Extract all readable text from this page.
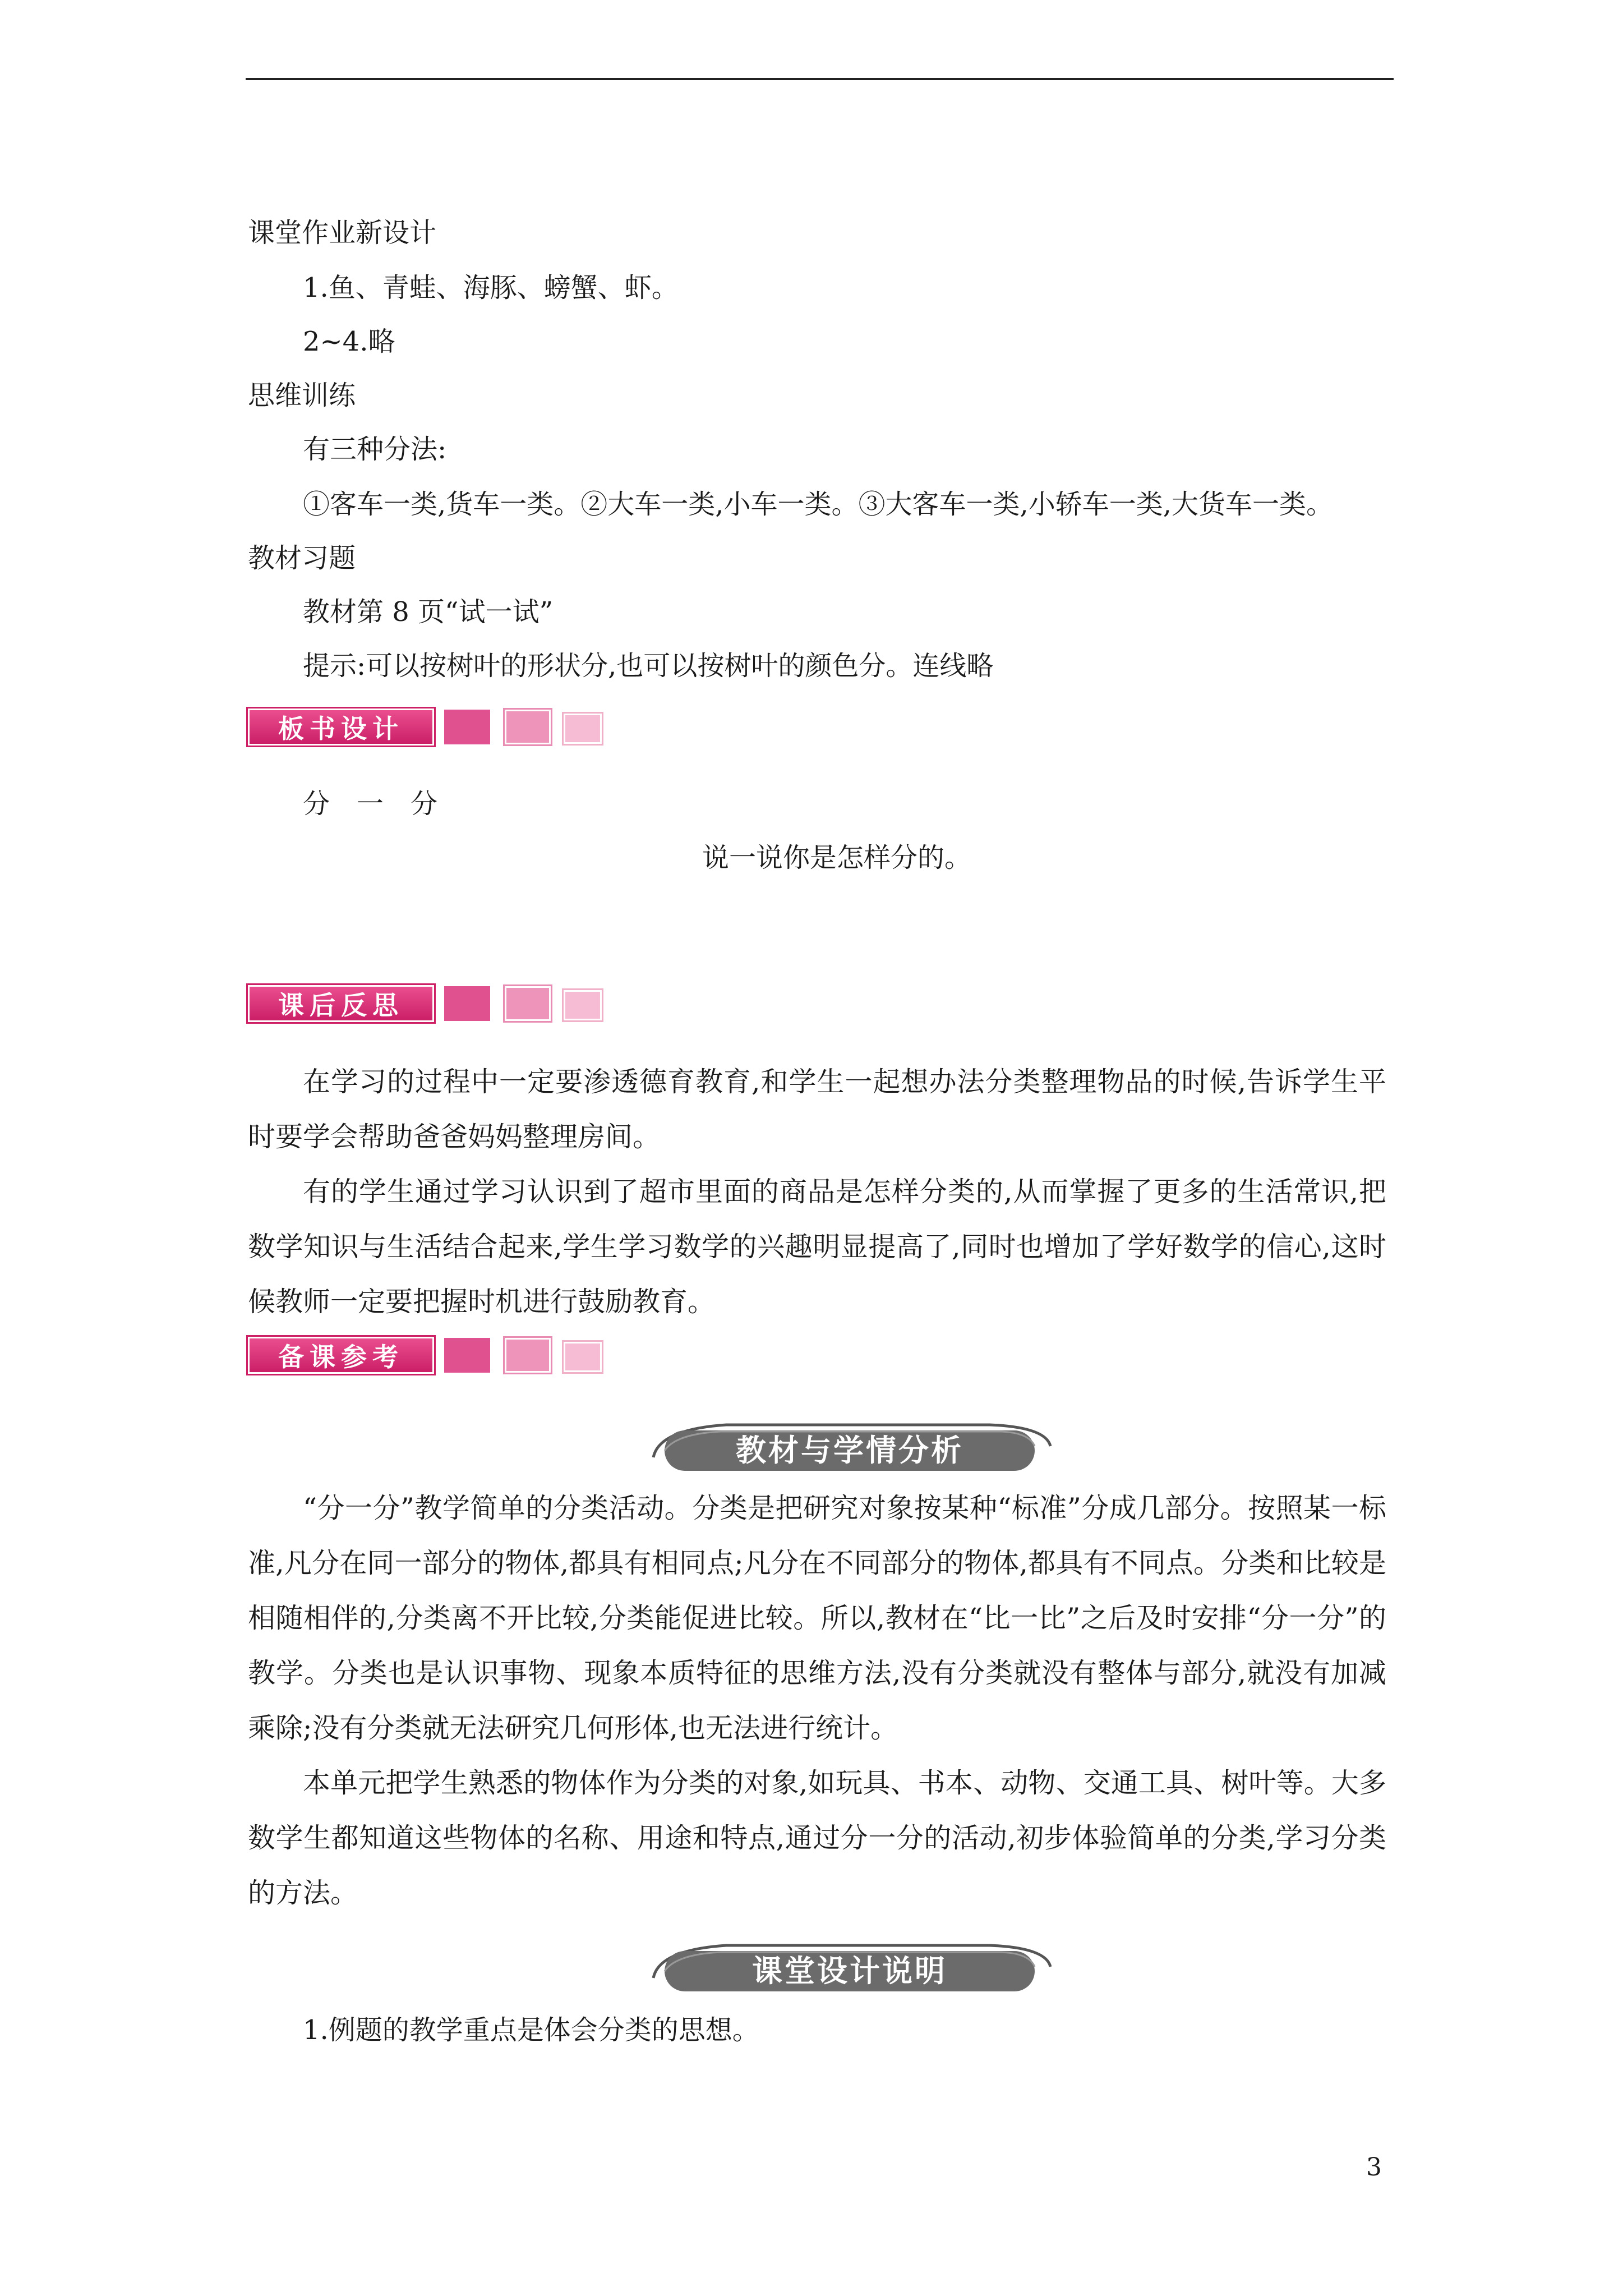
课堂作业新设计
1.鱼、青蛙、海豚、螃蟹、虾。
2~4.略
思维训练
有三种分法:
①客车一类,货车一类。②大车一类,小车一类。③大客车一类,小轿车一类,大货车一类。
教材习题
教材第 8 页“试一试”
提示:可以按树叶的形状分,也可以按树叶的颜色分。连线略
板书设计
分　一　分
说一说你是怎样分的。
课后反思
在学习的过程中一定要渗透德育教育,和学生一起想办法分类整理物品的时候,告诉学生平时要学会帮助爸爸妈妈整理房间。
有的学生通过学习认识到了超市里面的商品是怎样分类的,从而掌握了更多的生活常识,把数学知识与生活结合起来,学生学习数学的兴趣明显提高了,同时也增加了学好数学的信心,这时候教师一定要把握时机进行鼓励教育。
备课参考
教材与学情分析
“分一分”教学简单的分类活动。分类是把研究对象按某种“标准”分成几部分。按照某一标准,凡分在同一部分的物体,都具有相同点;凡分在不同部分的物体,都具有不同点。分类和比较是相随相伴的,分类离不开比较,分类能促进比较。所以,教材在“比一比”之后及时安排“分一分”的教学。分类也是认识事物、现象本质特征的思维方法,没有分类就没有整体与部分,就没有加减乘除;没有分类就无法研究几何形体,也无法进行统计。
本单元把学生熟悉的物体作为分类的对象,如玩具、书本、动物、交通工具、树叶等。大多数学生都知道这些物体的名称、用途和特点,通过分一分的活动,初步体验简单的分类,学习分类的方法。
课堂设计说明
1.例题的教学重点是体会分类的思想。
3
